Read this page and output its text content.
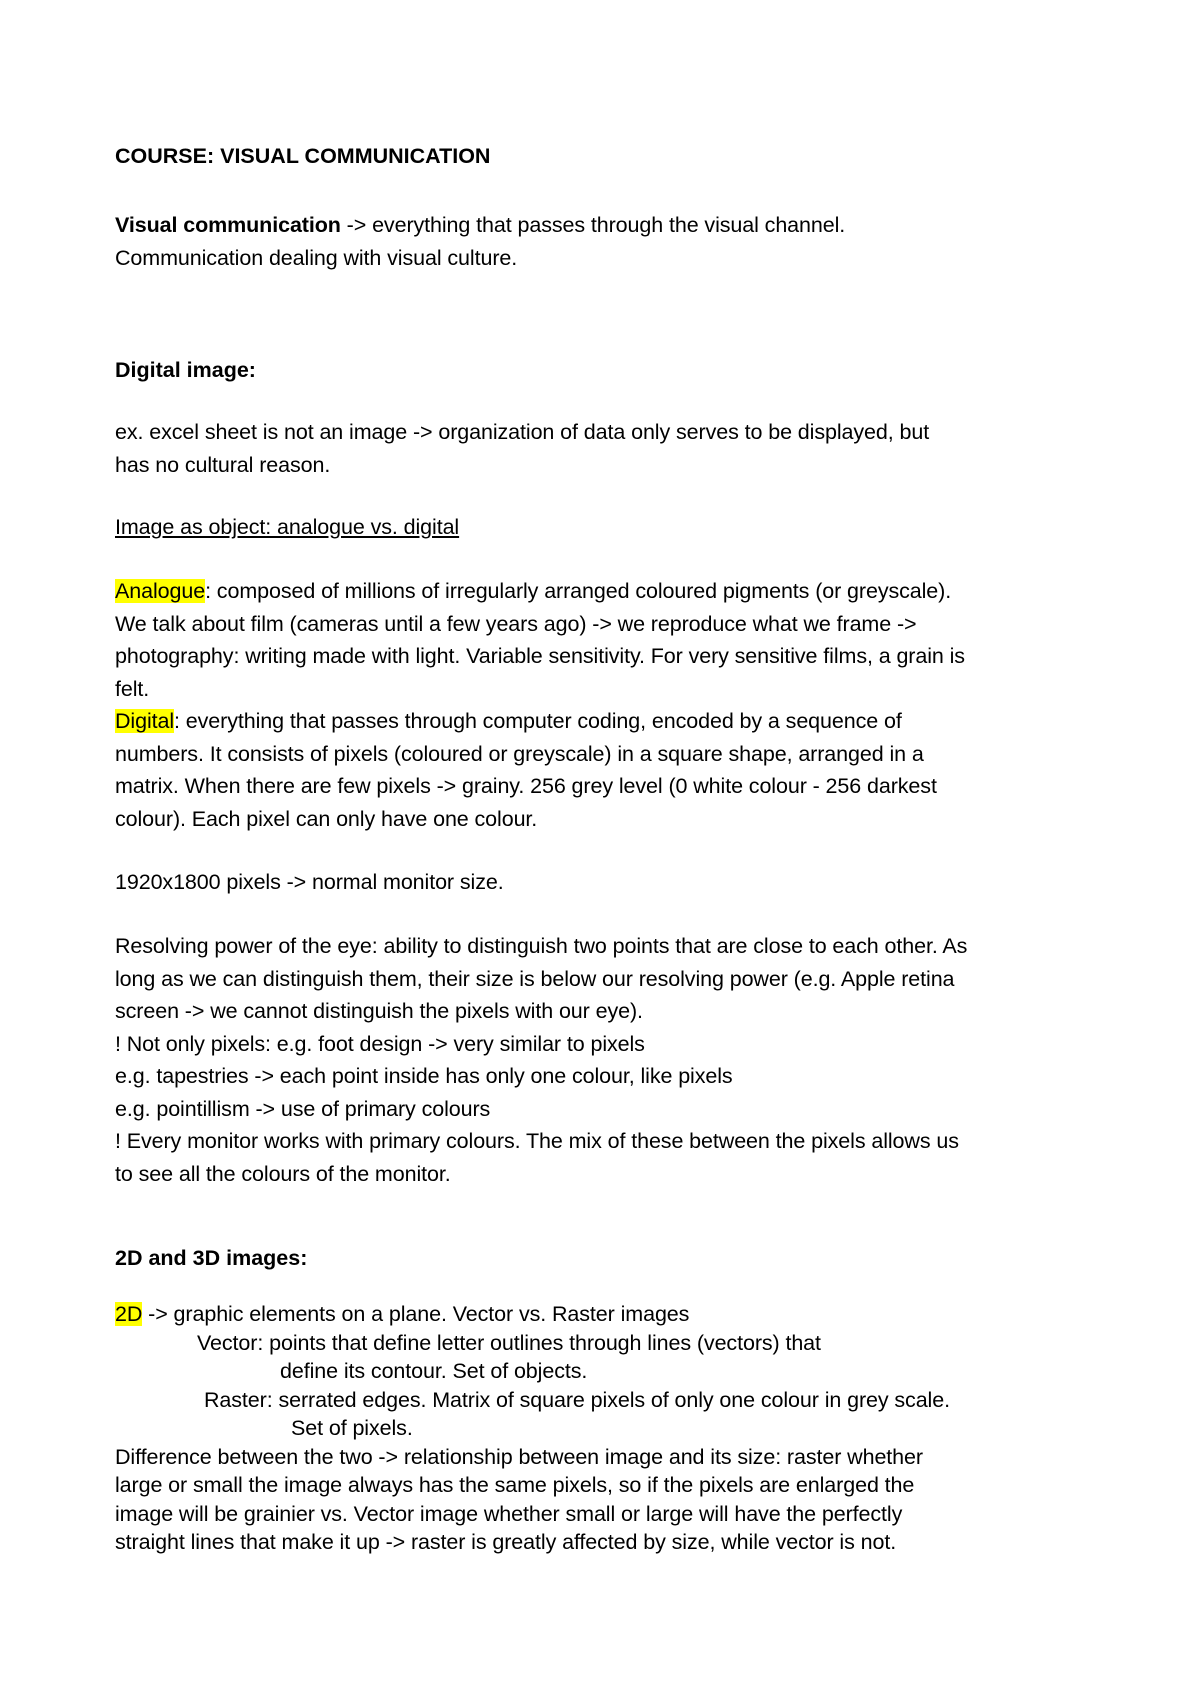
COURSE: VISUAL COMMUNICATION

Visual communication -> everything that passes through the visual channel.
Communication dealing with visual culture.

Digital image:

ex. excel sheet is not an image -> organization of data only serves to be displayed, but
has no cultural reason.

Image as object: analogue vs. digital

Analogue: composed of millions of irregularly arranged coloured pigments (or greyscale).
We talk about film (cameras until a few years ago) -> we reproduce what we frame ->
photography: writing made with light. Variable sensitivity. For very sensitive films, a grain is
felt.
Digital: everything that passes through computer coding, encoded by a sequence of
numbers. It consists of pixels (coloured or greyscale) in a square shape, arranged in a
matrix. When there are few pixels -> grainy. 256 grey level (0 white colour - 256 darkest
colour). Each pixel can only have one colour.

1920x1800 pixels -> normal monitor size.

Resolving power of the eye: ability to distinguish two points that are close to each other. As
long as we can distinguish them, their size is below our resolving power (e.g. Apple retina
screen -> we cannot distinguish the pixels with our eye).
! Not only pixels: e.g. foot design -> very similar to pixels
e.g. tapestries -> each point inside has only one colour, like pixels
e.g. pointillism -> use of primary colours
! Every monitor works with primary colours. The mix of these between the pixels allows us
to see all the colours of the monitor.

2D and 3D images:

2D -> graphic elements on a plane. Vector vs. Raster images
Vector: points that define letter outlines through lines (vectors) that
define its contour. Set of objects.
Raster: serrated edges. Matrix of square pixels of only one colour in grey scale.
Set of pixels.
Difference between the two -> relationship between image and its size: raster whether
large or small the image always has the same pixels, so if the pixels are enlarged the
image will be grainier vs. Vector image whether small or large will have the perfectly
straight lines that make it up -> raster is greatly affected by size, while vector is not.
